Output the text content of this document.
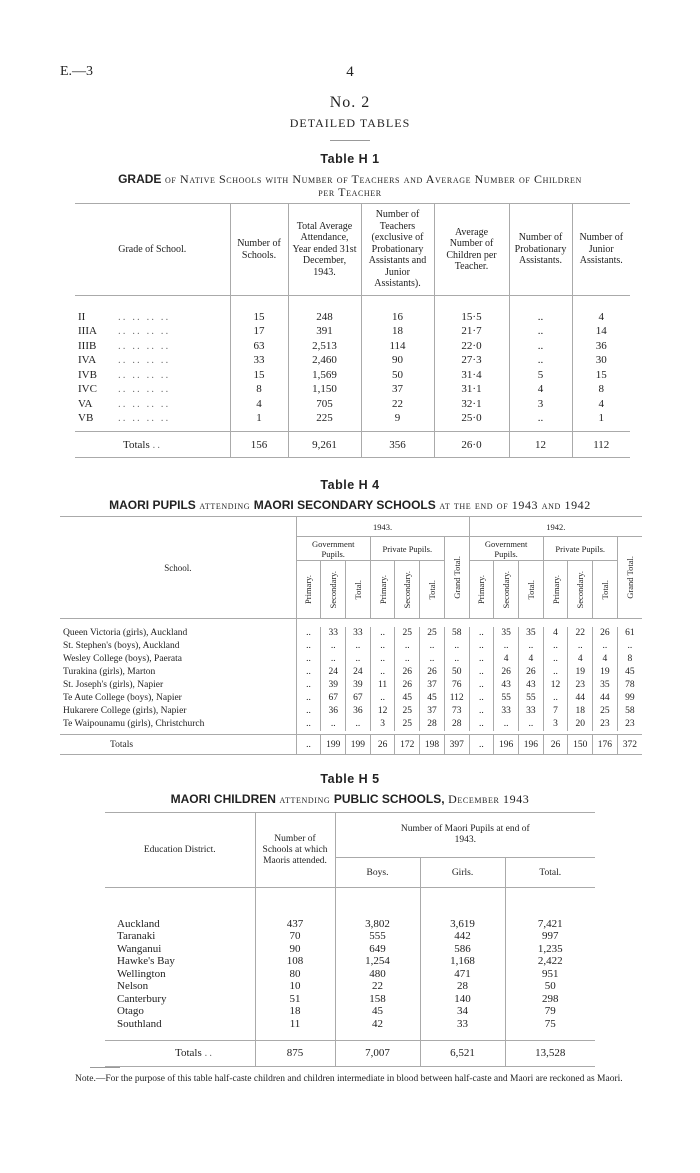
E.—3	4
No. 2
DETAILED TABLES
Table H 1
GRADE of Native Schools with Number of Teachers and Average Number of Children
per Teacher
Grade of School.	Number of Schools.	Total Average Attendance, Year ended 31st December, 1943.	Number of Teachers (exclusive of Probationary Assistants and Junior Assistants).	Average Number of Children per Teacher.	Number of Probationary Assistants.	Number of Junior Assistants.

II .. .. .. ..	15	248	16	15·5	..	4
IIIA .. .. .. ..	17	391	18	21·7	..	14
IIIB .. .. .. ..	63	2,513	114	22·0	..	36
IVA .. .. .. ..	33	2,460	90	27·3	..	30
IVB .. .. .. ..	15	1,569	50	31·4	5	15
IVC .. .. .. ..	8	1,150	37	31·1	4	8
VA .. .. .. ..	4	705	22	32·1	3	4
VB .. .. .. ..	1	225	9	25·0	..	1

Totals ..	156	9,261	356	26·0	12	112
Table H 4
MAORI PUPILS attending MAORI SECONDARY SCHOOLS at the end of 1943 and 1942
School.	1943.							1942.						
	Government Pupils.			Private Pupils.			Grand Total.	Government Pupils.			Private Pupils.			Grand Total.

	Primary.	Secondary.	Total.	Primary.	Secondary.	Total.		Primary.	Secondary.	Total.	Primary.	Secondary.	Total.	

Queen Victoria (girls), Auckland	..	33	33	..	25	25	58	..	35	35	4	22	26	61
St. Stephen's (boys), Auckland	..	..	..	..	..	..	..	..	..	..	..	..	..	..
Wesley College (boys), Paerata	..	..	..	..	..	..	..	..	4	4	..	4	4	8
Turakina (girls), Marton	..	24	24	..	26	26	50	..	26	26	..	19	19	45
St. Joseph's (girls), Napier	..	39	39	11	26	37	76	..	43	43	12	23	35	78
Te Aute College (boys), Napier	..	67	67	..	45	45	112	..	55	55	..	44	44	99
Hukarere College (girls), Napier	..	36	36	12	25	37	73	..	33	33	7	18	25	58
Te Waipounamu (girls), Christchurch	..	..	..	3	25	28	28	..	..	..	3	20	23	23

Totals	..	199	199	26	172	198	397	..	196	196	26	150	176	372
Table H 5
MAORI CHILDREN attending PUBLIC SCHOOLS, December 1943
Education District.	Number of Schools at which Maoris attended.	Number of Maori Pupils at end of 1943.		
		Boys.	Girls.	Total.

Auckland	437	3,802	3,619	7,421
Taranaki	70	555	442	997
Wanganui	90	649	586	1,235
Hawke's Bay	108	1,254	1,168	2,422
Wellington	80	480	471	951
Nelson	10	22	28	50
Canterbury	51	158	140	298
Otago	18	45	34	79
Southland	11	42	33	75

Totals ..	875	7,007	6,521	13,528
Note.—For the purpose of this table half-caste children and children intermediate in blood between half-caste and Maori are reckoned as Maori.
